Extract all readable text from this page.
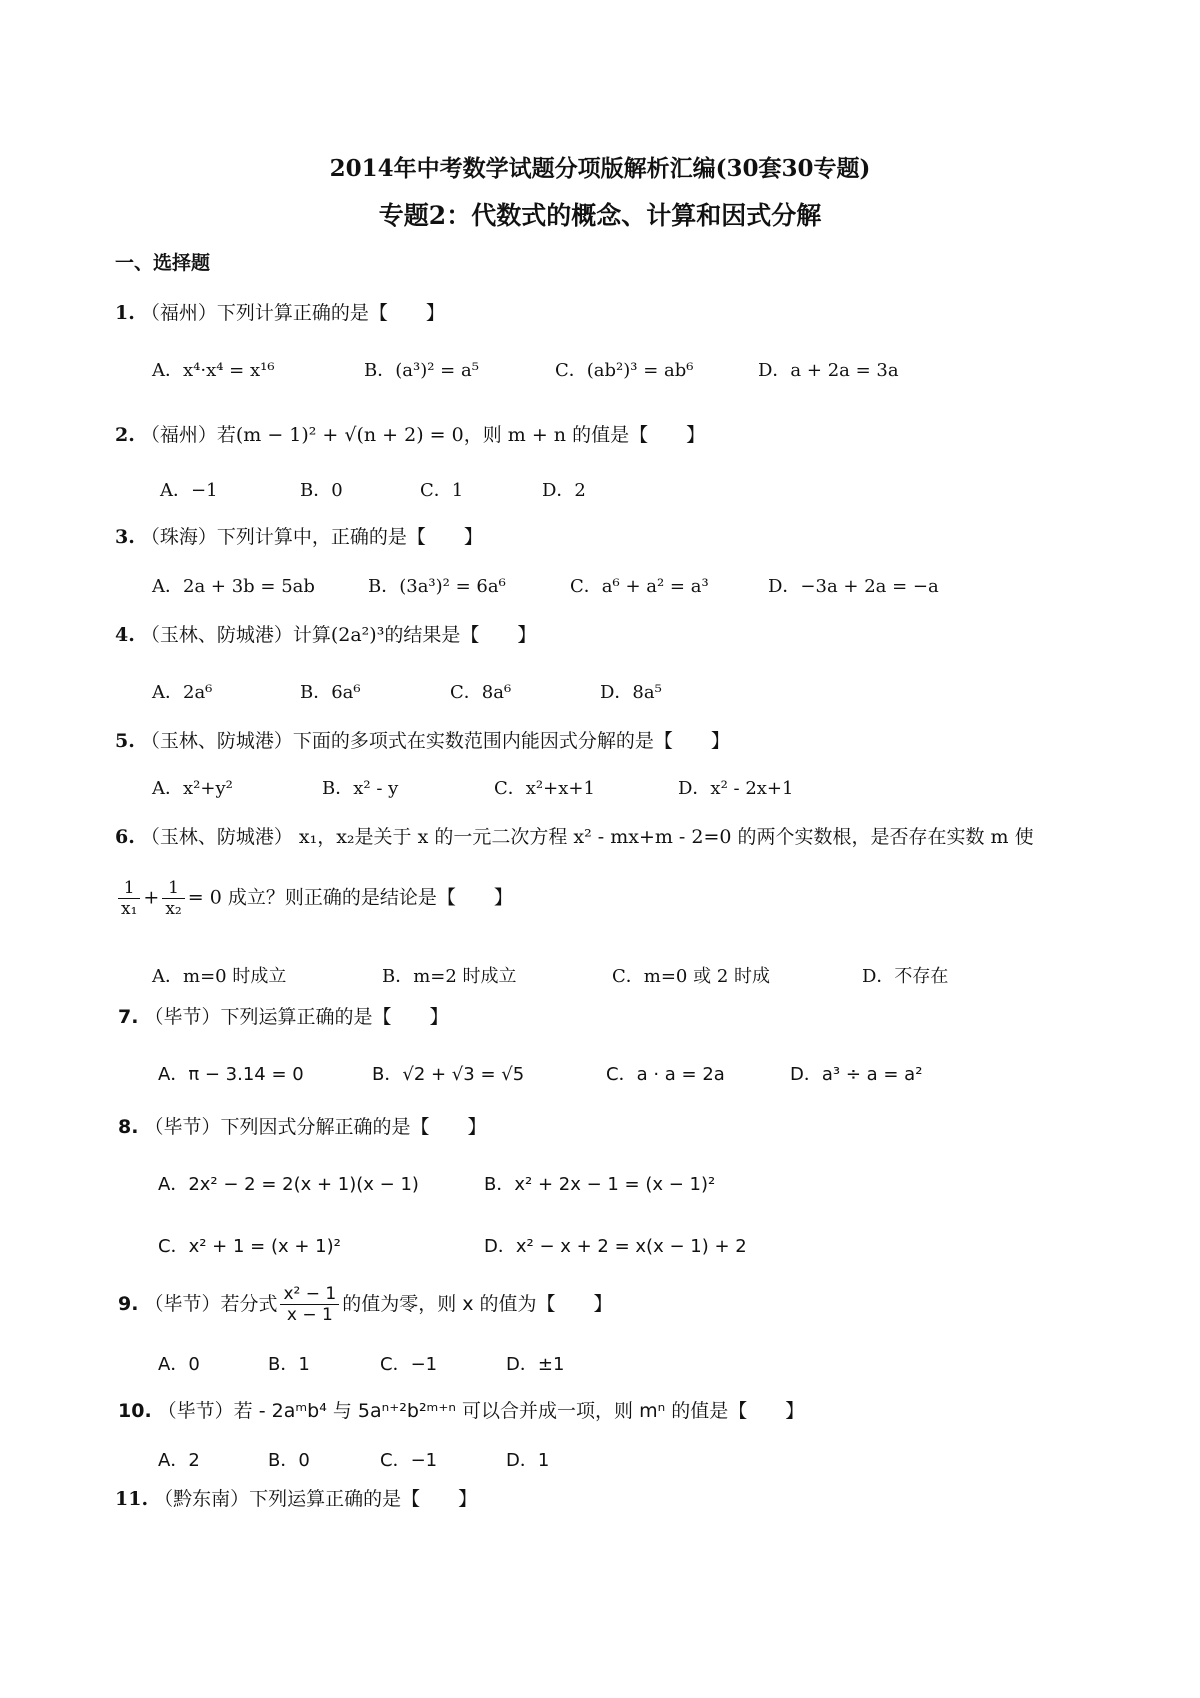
2014年中考数学试题分项版解析汇编(30套30专题)
专题2：代数式的概念、计算和因式分解
一、选择题
1. （福州）下列计算正确的是【　　】
A．x⁴·x⁴ = x¹⁶	B．(a³)² = a⁵	C．(ab²)³ = ab⁶	D．a + 2a = 3a
2. （福州）若(m − 1)² + √(n + 2) = 0，则 m + n 的值是【　　】
A．−1	B．0	C．1	D．2
3. （珠海）下列计算中，正确的是【　　】
A．2a + 3b = 5ab	B．(3a³)² = 6a⁶	C．a⁶ + a² = a³	D．−3a + 2a = −a
4. （玉林、防城港）计算(2a²)³的结果是【　　】
A．2a⁶	B．6a⁶	C．8a⁶	D．8a⁵
5. （玉林、防城港）下面的多项式在实数范围内能因式分解的是【　　】
A．x²+y²	B．x² - y	C．x²+x+1	D．x² - 2x+1
6. （玉林、防城港） x₁，x₂是关于 x 的一元二次方程 x² - mx+m - 2=0 的两个实数根，是否存在实数 m 使
$\frac{1}{\text{x₁}} + \frac{1}{\text{x₂}} = 0$ 成立？则正确的是结论是【　　】
A．m=0 时成立	B．m=2 时成立	C．m=0 或 2 时成	D．不存在
7. （毕节）下列运算正确的是【　　】
A．π − 3.14 = 0	B．√2 + √3 = √5	C．a · a = 2a	D．a³ ÷ a = a²
8. （毕节）下列因式分解正确的是【　　】
A．2x² − 2 = 2(x + 1)(x − 1)	B．x² + 2x − 1 = (x − 1)²
C．x² + 1 = (x + 1)²	D．x² − x + 2 = x(x − 1) + 2
9. （毕节）若分式 $\frac{\text{x² − 1}}{x - 1}$ 的值为零，则 x 的值为【　　】
A．0	B．1	C．−1	D．±1
10. （毕节）若 - 2aᵐb⁴ 与 5aⁿ⁺²b²ᵐ⁺ⁿ 可以合并成一项，则 mⁿ 的值是【　　】
A．2	B．0	C．−1	D．1
11. （黔东南）下列运算正确的是【　　】
